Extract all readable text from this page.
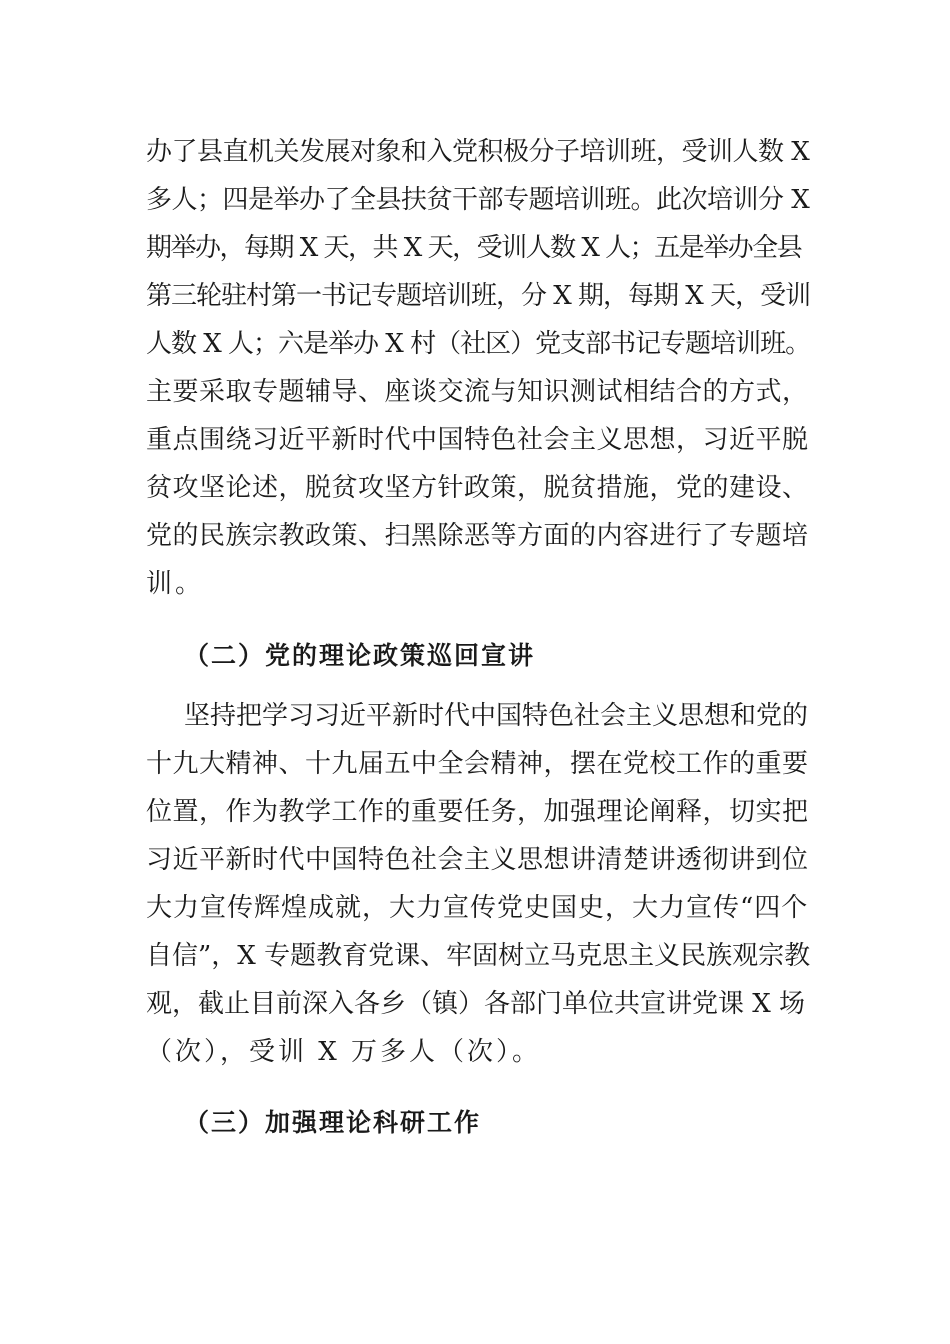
办了县直机关发展对象和入党积极分子培训班，受训人数 X
多人；四是举办了全县扶贫干部专题培训班。此次培训分 X
期举办，每期 X 天，共 X 天，受训人数 X 人；五是举办全县
第三轮驻村第一书记专题培训班，分 X 期，每期 X 天，受训
人数 X 人；六是举办 X 村（社区）党支部书记专题培训班。
主要采取专题辅导、座谈交流与知识测试相结合的方式，
重点围绕习近平新时代中国特色社会主义思想，习近平脱
贫攻坚论述，脱贫攻坚方针政策，脱贫措施，党的建设、
党的民族宗教政策、扫黑除恶等方面的内容进行了专题培
训。
（二）党的理论政策巡回宣讲
坚持把学习习近平新时代中国特色社会主义思想和党的
十九大精神、十九届五中全会精神，摆在党校工作的重要
位置，作为教学工作的重要任务，加强理论阐释，切实把
习近平新时代中国特色社会主义思想讲清楚讲透彻讲到位
大力宣传辉煌成就，大力宣传党史国史，大力宣传“四个
自信”，X 专题教育党课、牢固树立马克思主义民族观宗教
观，截止目前深入各乡（镇）各部门单位共宣讲党课 X 场
（次），受训 X 万多人（次）。
（三）加强理论科研工作
